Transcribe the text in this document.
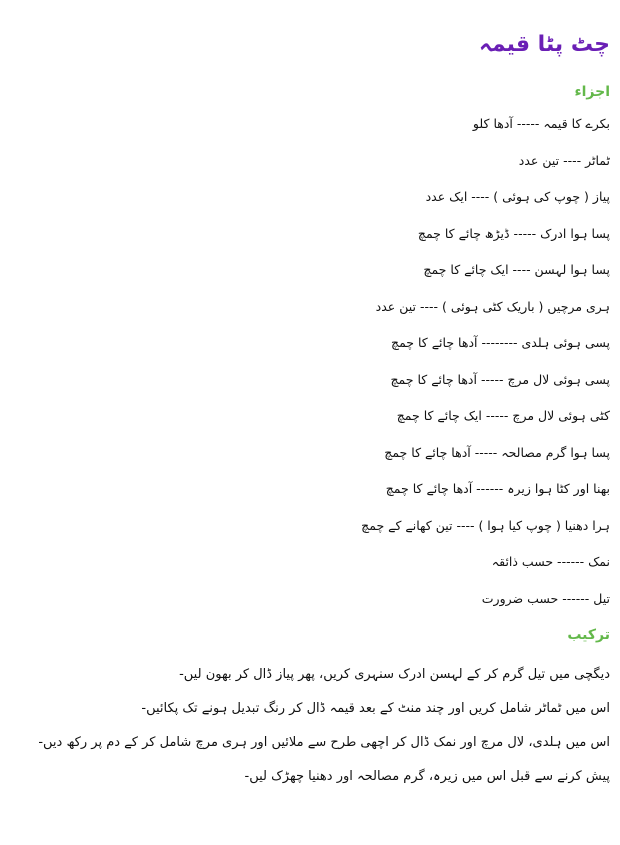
چٹ پٹا قیمہ
اجزاء
بکرے کا قیمہ ----- آدھا کلو
ٹماٹر ---- تین عدد
پیاز ( چوپ کی ہوئی ) ---- ایک عدد
پسا ہوا ادرک ----- ڈیڑھ چائے کا چمچ
پسا ہوا لہسن ---- ایک چائے کا چمچ
ہری مرچیں ( باریک کٹی ہوئی ) ---- تین عدد
پسی ہوئی ہلدی -------- آدھا چائے کا چمچ
پسی ہوئی لال مرچ ----- آدھا چائے کا چمچ
کٹی ہوئی لال مرچ ----- ایک چائے کا چمچ
پسا ہوا گرم مصالحہ ----- آدھا چائے کا چمچ
بھنا اور کٹا ہوا زیرہ ------ آدھا چائے کا چمچ
ہرا دھنیا ( چوپ کیا ہوا ) ---- تین کھانے کے چمچ
نمک ------ حسب ذائقہ
تیل ------ حسب ضرورت
ترکیب

دیگچی میں تیل گرم کر کے لہسن ادرک سنہری کریں، پھر پیاز ڈال کر بھون لیں-

اس میں ٹماٹر شامل کریں اور چند منٹ کے بعد قیمہ ڈال کر رنگ تبدیل ہونے تک پکائیں-

اس میں ہلدی، لال مرچ اور نمک ڈال کر اچھی طرح سے ملائیں اور ہری مرچ شامل کر کے دم پر رکھ دیں- پیش کرنے سے قبل اس میں زیرہ، گرم مصالحہ اور دھنیا چھڑک لیں-
